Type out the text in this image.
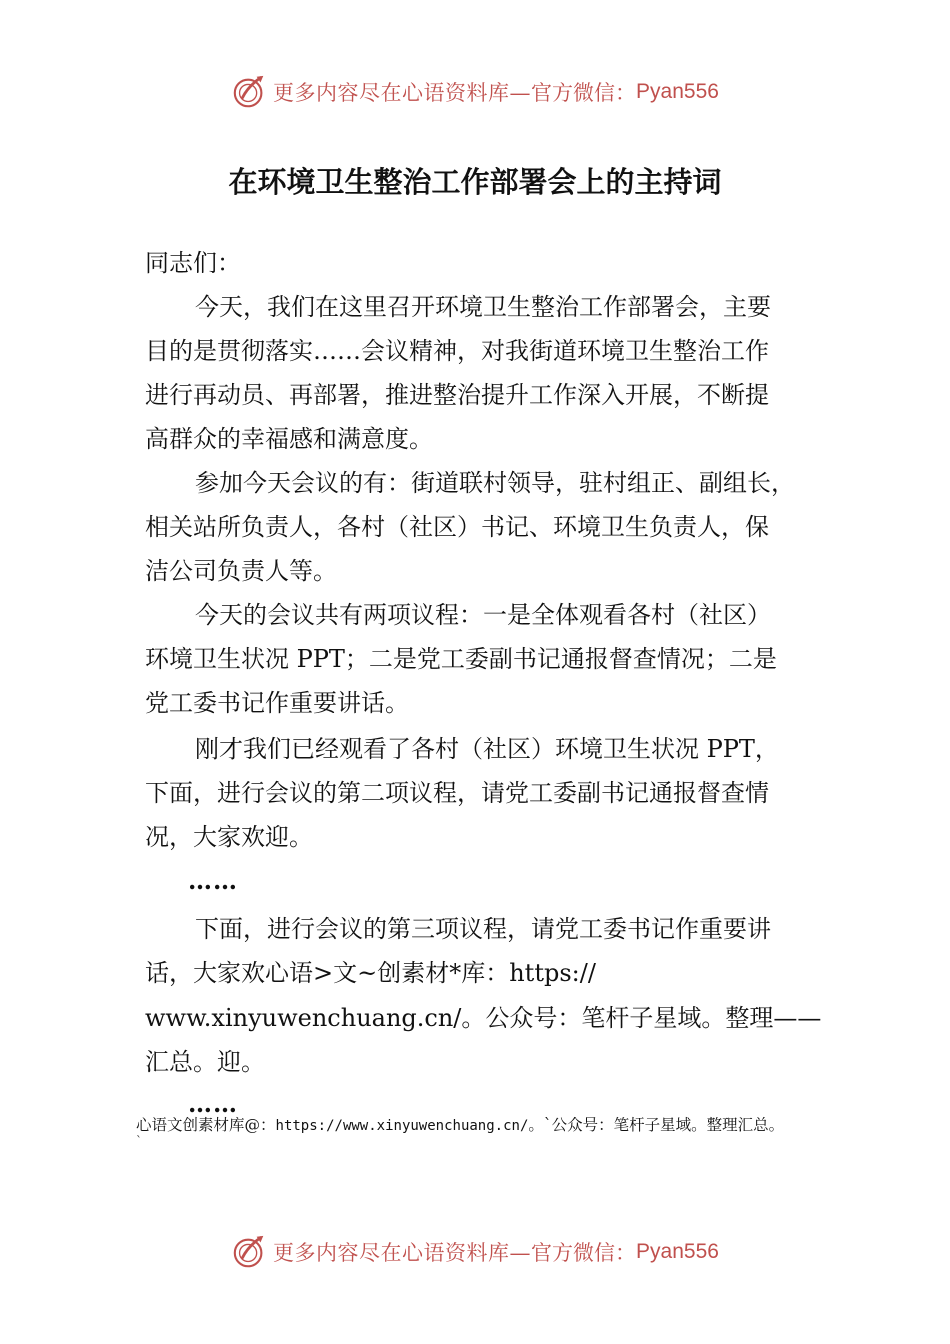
更多内容尽在心语资料库— 官方微信： Pyan556
在环境卫生整治工作部署会上的主持词
同志们：
今天，我们在这里召开环境卫生整治工作部署会，主要
目的是贯彻落实……会议精神，对我街道环境卫生整治工作
进行再动员、再部署，推进整治提升工作深入开展，不断提
高群众的幸福感和满意度。
参加今天会议的有：街道联村领导，驻村组正、副组长，
相关站所负责人，各村（社区）书记、环境卫生负责人，保
洁公司负责人等。
今天的会议共有两项议程：一是全体观看各村（社区）
环境卫生状况 PPT；二是党工委副书记通报督查情况；二是
党工委书记作重要讲话。
刚才我们已经观看了各村（社区）环境卫生状况 PPT，
下面，进行会议的第二项议程，请党工委副书记通报督查情
况，大家欢迎。
……
下面，进行会议的第三项议程，请党工委书记作重要讲
话，大家欢心语>文~创素材*库：https://
www.xinyuwenchuang.cn/。公众号：笔杆子星域。整理——
汇总。迎。
……
心语文创素材库@：https://www.xinyuwenchuang.cn/。`公众号：笔杆子星域。整理汇总。
`
更多内容尽在心语资料库— 官方微信： Pyan556
